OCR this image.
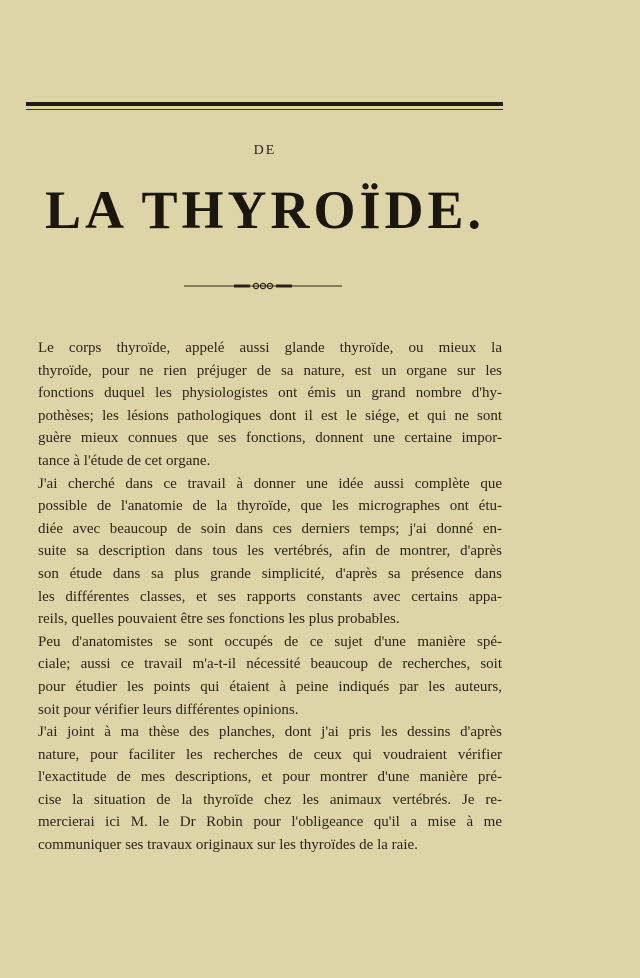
DE
LA THYROÏDE.

Le corps thyroïde, appelé aussi glande thyroïde, ou mieux la
thyroïde, pour ne rien préjuger de sa nature, est un organe sur les
fonctions duquel les physiologistes ont émis un grand nombre d'hy-
pothèses; les lésions pathologiques dont il est le siége, et qui ne sont
guère mieux connues que ses fonctions, donnent une certaine impor-
tance à l'étude de cet organe.

J'ai cherché dans ce travail à donner une idée aussi complète que
possible de l'anatomie de la thyroïde, que les micrographes ont étu-
diée avec beaucoup de soin dans ces derniers temps; j'ai donné en-
suite sa description dans tous les vertébrés, afin de montrer, d'après
son étude dans sa plus grande simplicité, d'après sa présence dans
les différentes classes, et ses rapports constants avec certains appa-
reils, quelles pouvaient être ses fonctions les plus probables.

Peu d'anatomistes se sont occupés de ce sujet d'une manière spé-
ciale; aussi ce travail m'a-t-il nécessité beaucoup de recherches, soit
pour étudier les points qui étaient à peine indiqués par les auteurs,
soit pour vérifier leurs différentes opinions.

J'ai joint à ma thèse des planches, dont j'ai pris les dessins d'après
nature, pour faciliter les recherches de ceux qui voudraient vérifier
l'exactitude de mes descriptions, et pour montrer d'une manière pré-
cise la situation de la thyroïde chez les animaux vertébrés. Je re-
mercierai ici M. le Dr Robin pour l'obligeance qu'il a mise à me
communiquer ses travaux originaux sur les thyroïdes de la raie.
